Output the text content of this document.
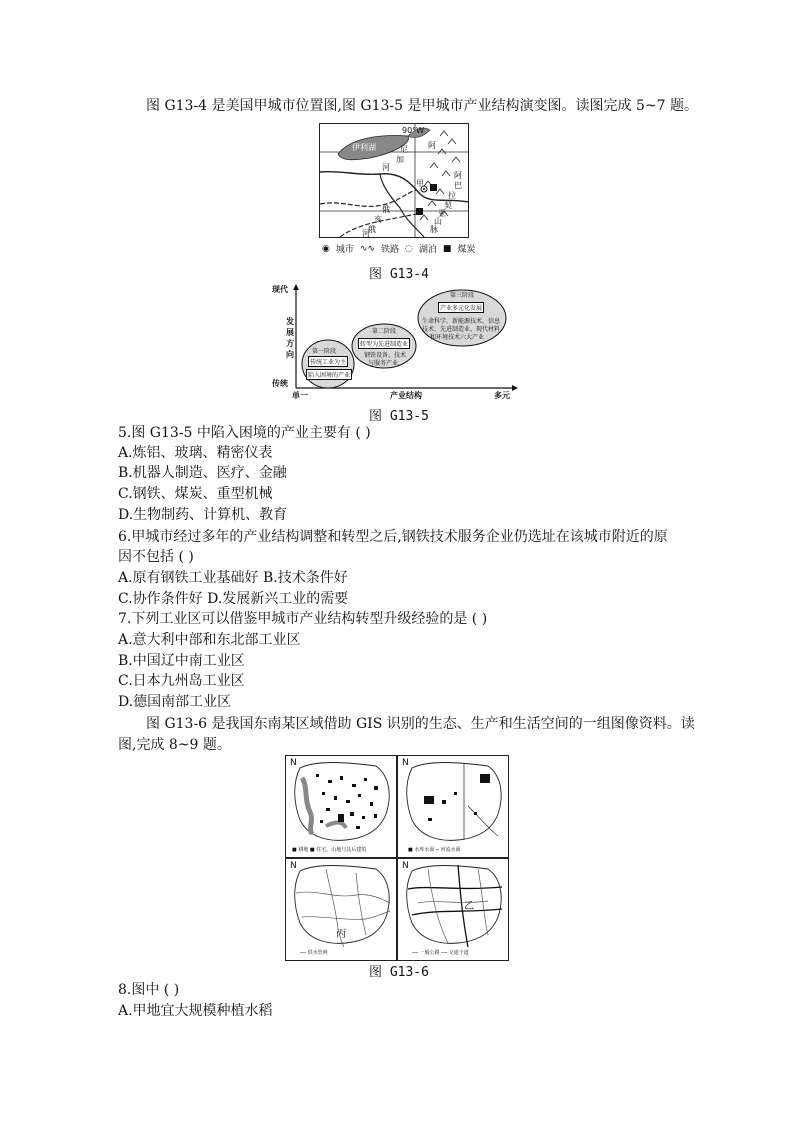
图 G13-4 是美国甲城市位置图,图 G13-5 是甲城市产业结构演变图。读图完成 5~7 题。
90°W
伊利湖	尼
加
河
阿
甲
阿
巴
拉
契
亚
山
脉
俄
亥
俄
河
◉ 城市 ∿∿ 铁路 ◌ 湖泊 ■ 煤炭
图 G13-4
现代
发展方向
传统
单一	产业结构	多元
第一阶段
传统工业为主
陷入困境的产业
第二阶段
转型为先进制造业
钢铁设备、技术
与服务产业
第三阶段
产业多元化发展
生命科学、新能源技术、信息
技术、先进制造业、现代材料
和环境技术六大产业
图 G13-5
5.图 G13-5 中陷入困境的产业主要有 ( )
A.炼铝、玻璃、精密仪表
B.机器人制造、医疗、金融
C.钢铁、煤炭、重型机械
D.生物制药、计算机、教育
6.甲城市经过多年的产业结构调整和转型之后,钢铁技术服务企业仍选址在该城市附近的原
因不包括 ( )
A.原有钢铁工业基础好 B.技术条件好
C.协作条件好 D.发展新兴工业的需要
7.下列工业区可以借鉴甲城市产业结构转型升级经验的是 ( )
A.意大利中部和东北部工业区
B.中国辽中南工业区
C.日本九州岛工业区
D.德国南部工业区
图 G13-6 是我国东南某区域借助 GIS 识别的生态、生产和生活空间的一组图像资料。读
图,完成 8~9 题。
N
■ 耕地 ■ 住宅、山地与其后建筑
N
■ 水库水面 ─ 河流水面
N
丙
── 供水管网
N
乙
── 一般公路 ── 交通干道
图 G13-6
8.图中 ( )
A.甲地宜大规模种植水稻
